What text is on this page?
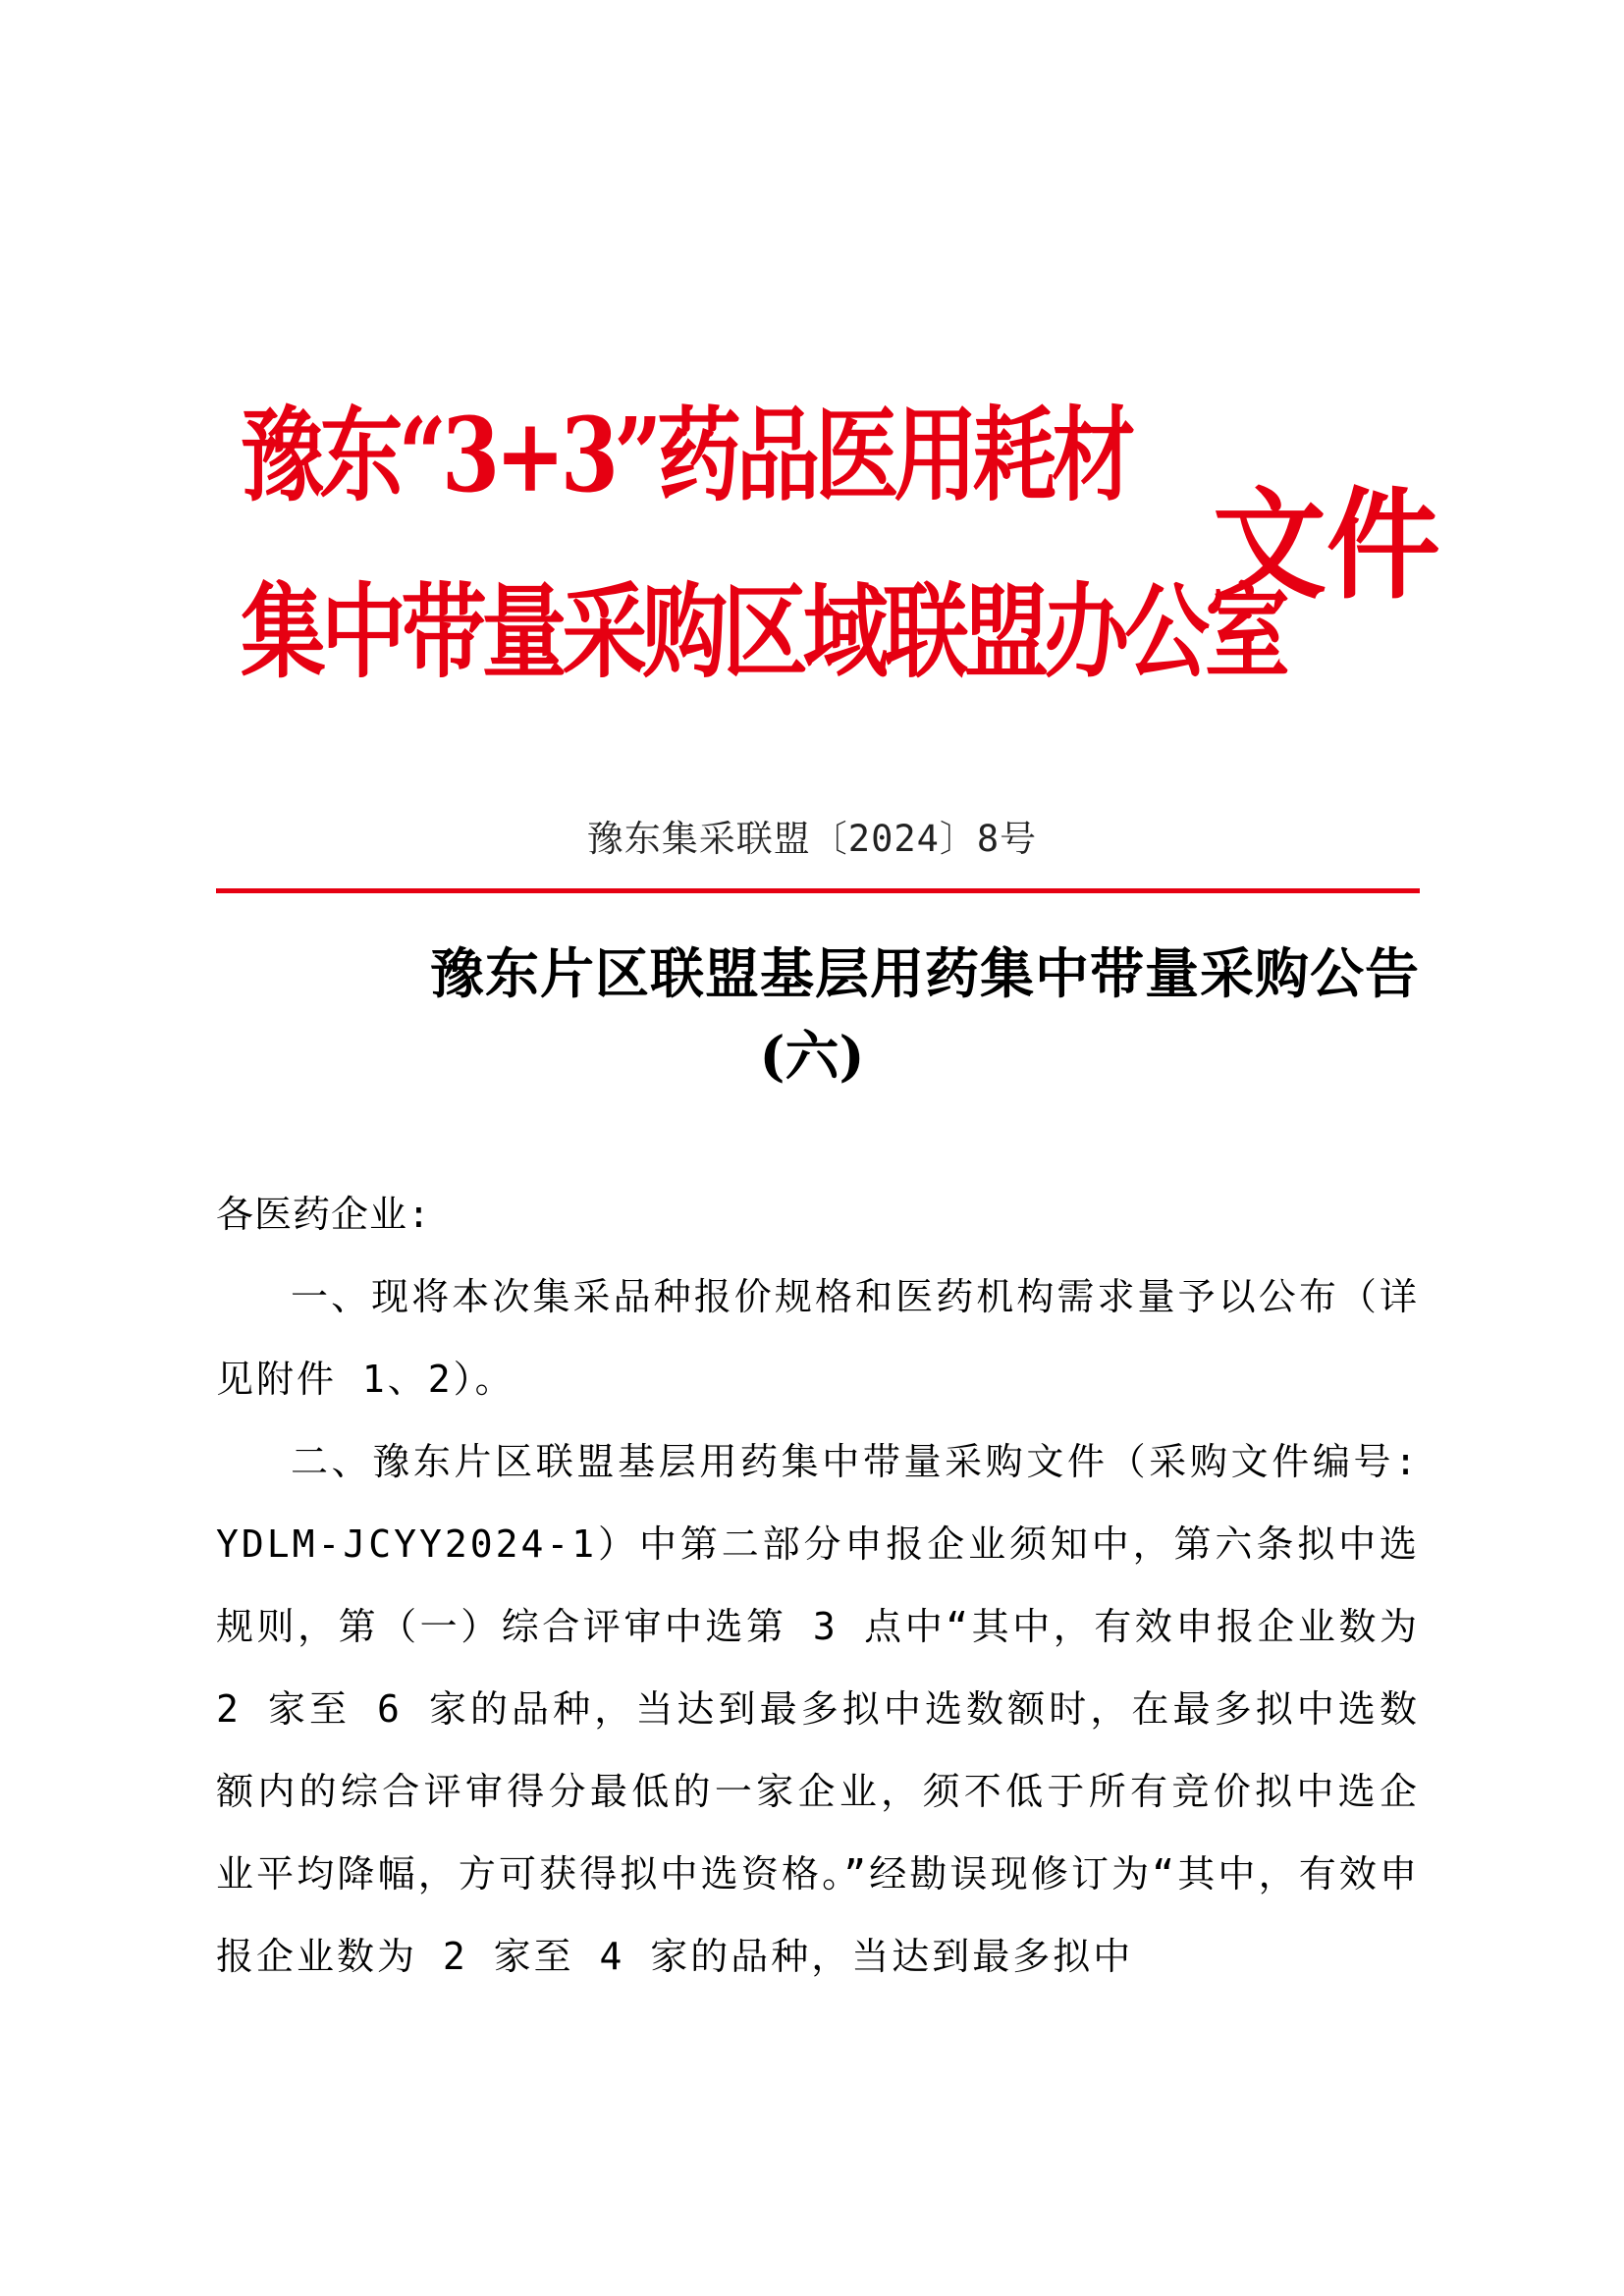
豫东“3+3”药品医用耗材
集中带量采购区域联盟办公室
文件
豫东集采联盟〔2024〕8号
豫东片区联盟基层用药集中带量采购公告
(六)

各医药企业:

一、现将本次集采品种报价规格和医药机构需求量予以公布（详见附件 1、2）。

二、豫东片区联盟基层用药集中带量采购文件（采购文件编号: YDLM-JCYY2024-1）中第二部分申报企业须知中，第六条拟中选规则，第（一）综合评审中选第 3 点中“其中，有效申报企业数为 2 家至 6 家的品种，当达到最多拟中选数额时，在最多拟中选数额内的综合评审得分最低的一家企业，须不低于所有竞价拟中选企业平均降幅，方可获得拟中选资格。”经勘误现修订为“其中，有效申报企业数为 2 家至 4 家的品种，当达到最多拟中
